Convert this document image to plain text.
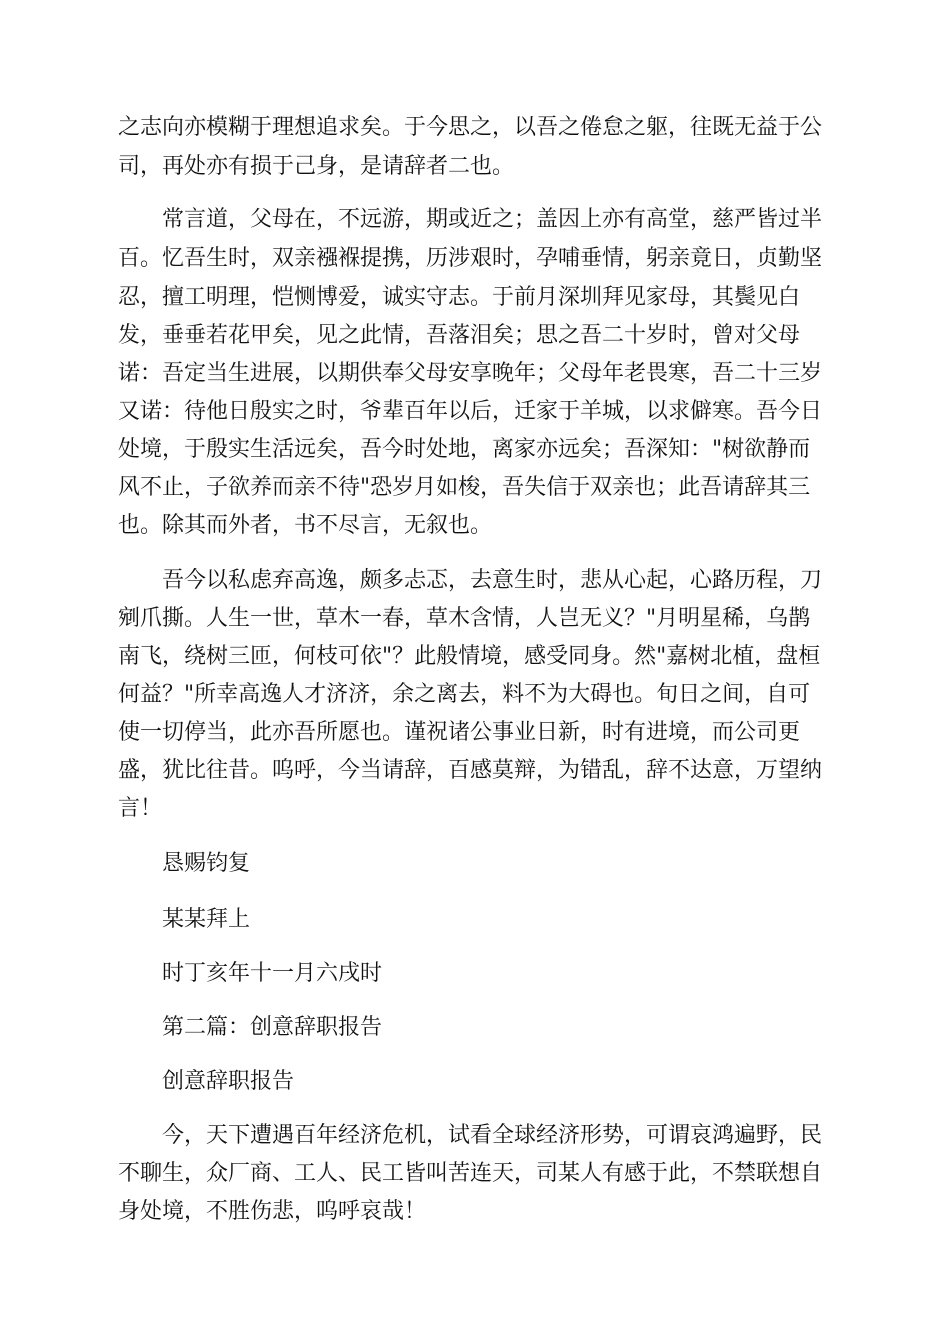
之志向亦模糊于理想追求矣。于今思之，以吾之倦怠之躯，往既无益于公
司，再处亦有损于己身，是请辞者二也。
常言道，父母在，不远游，期或近之；盖因上亦有高堂，慈严皆过半
百。忆吾生时，双亲襁褓提携，历涉艰时，孕哺垂情，躬亲竟日，贞勤坚
忍，擅工明理，恺恻博爱，诚实守志。于前月深圳拜见家母，其鬓见白
发，垂垂若花甲矣，见之此情，吾落泪矣；思之吾二十岁时，曾对父母
诺：吾定当生进展，以期供奉父母安享晚年；父母年老畏寒，吾二十三岁
又诺：待他日殷实之时，爷辈百年以后，迁家于羊城，以求僻寒。吾今日
处境，于殷实生活远矣，吾今时处地，离家亦远矣；吾深知："树欲静而
风不止，子欲养而亲不待"恐岁月如梭，吾失信于双亲也；此吾请辞其三
也。除其而外者，书不尽言，无叙也。
吾今以私虑弃高逸，颇多忐忑，去意生时，悲从心起，心路历程，刀
剜爪撕。人生一世，草木一春，草木含情，人岂无义？"月明星稀，乌鹊
南飞，绕树三匝，何枝可依"？此般情境，感受同身。然"嘉树北植，盘桓
何益？"所幸高逸人才济济，余之离去，料不为大碍也。旬日之间，自可
使一切停当，此亦吾所愿也。谨祝诸公事业日新，时有进境，而公司更
盛，犹比往昔。呜呼，今当请辞，百感莫辩，为错乱，辞不达意，万望纳
言！
恳赐钧复
某某拜上
时丁亥年十一月六戌时
第二篇：创意辞职报告
创意辞职报告
今，天下遭遇百年经济危机，试看全球经济形势，可谓哀鸿遍野，民
不聊生，众厂商、工人、民工皆叫苦连天，司某人有感于此，不禁联想自
身处境，不胜伤悲，呜呼哀哉！
